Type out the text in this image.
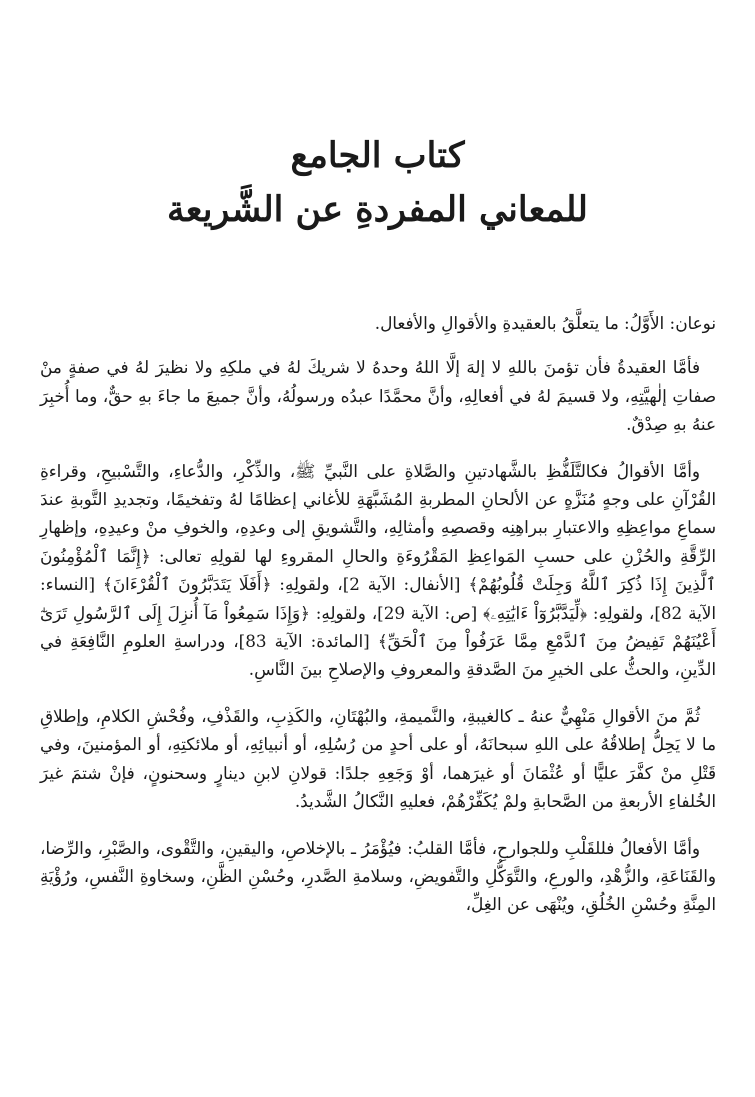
كتاب الجامع
للمعاني المفردةِ عن الشَّريعة

نوعان: الأَوَّلُ: ما يتعلَّقُ بالعقيدةِ والأقوالِ والأفعال.

فأمَّا العقيدةُ فأن تؤمنَ باللهِ لا إلهَ إلَّا اللهُ وحدهُ لا شريكَ لهُ في ملكِهِ ولا نظيرَ لهُ في صفةٍ منْ صفاتِ إلٰهيَّتِهِ، ولا قسيمَ لهُ في أفعالِهِ، وأنَّ محمَّدًا عبدُه ورسولُهُ، وأنَّ جميعَ ما جاءَ بهِ حقٌّ، وما أُخبِرَ عنهُ بهِ صِدْقٌ.

وأمَّا الأقوالُ فكالتَّلَفُّظِ بالشَّهادتينِ والصَّلاةِ على النَّبيِّ ﷺ، والذِّكْرِ، والدُّعاءِ، والتَّسْبيحِ، وقراءةِ القُرْآنِ على وجهٍ مُنَزَّهٍ عن الألحانِ المطربةِ المُشَبَّهَةِ للأغاني إعظامًا لهُ وتفخيمًا، وتجديدِ التَّوبةِ عندَ سماعِ مواعِظِهِ والاعتبارِ ببراهِنِه وقصصِهِ وأمثالِهِ، والتَّشويقِ إلى وعدِهِ، والخوفِ منْ وعيدِهِ، وإظهارِ الرِّقَّةِ والحُزْنِ على حسبِ المَواعِظِ المَقْرُوءَةِ والحالِ المقروءِ لها لقولِهِ تعالى: ﴿إِنَّمَا ٱلْمُؤْمِنُونَ ٱلَّذِينَ إِذَا ذُكِرَ ٱللَّهُ وَجِلَتْ قُلُوبُهُمْ﴾ [الأنفال: الآية 2]، ولقولِهِ: ﴿أَفَلَا يَتَدَبَّرُونَ ٱلْقُرْءَانَ﴾ [النساء: الآية 82]، ولقولِهِ: ﴿لِّيَدَّبَّرُوٓاْ ءَايَٰتِهِۦ﴾ [ص: الآية 29]، ولقولِهِ: ﴿وَإِذَا سَمِعُواْ مَآ أُنزِلَ إِلَى ٱلرَّسُولِ تَرَىٰٓ أَعْيُنَهُمْ تَفِيضُ مِنَ ٱلدَّمْعِ مِمَّا عَرَفُواْ مِنَ ٱلْحَقِّ﴾ [المائدة: الآية 83]، ودراسةِ العلومِ النَّافِعَةِ في الدِّينِ، والحثُّ على الخيرِ منَ الصَّدقةِ والمعروفِ والإصلاحِ بينَ النَّاسِ.

ثُمَّ منَ الأقوالِ مَنْهِيٌّ عنهُ ـ كالغيبةِ، والنَّميمةِ، والبُهْتَانِ، والكَذِبِ، والقَذْفِ، وفُحْشِ الكلامِ، وإطلاقِ ما لا يَحِلُّ إطلاقُهُ على اللهِ سبحانَهُ، أو على أحدٍ من رُسُلِهِ، أو أنبيائِهِ، أو ملائكتِهِ، أو المؤمنينَ، وفي قَتْلِ منْ كفَّرَ عليًّا أو عُثْمَانَ أو غيرَهما، أوْ وَجَعِهِ جلدًا: قولانِ لابنِ دينارٍ وسحنونٍ، فإنْ شتمَ غيرَ الخُلفاءِ الأربعةِ من الصَّحابةِ ولمْ يُكَفِّرْهُمْ، فعليهِ النَّكالُ الشَّديدُ.

وأمَّا الأفعالُ فللقَلْبِ وللجوارحِ، فأمَّا القلبُ: فيُؤْمَرُ ـ بالإخلاصِ، واليقينِ، والتَّقْوى، والصَّبْرِ، والرِّضا، والقَنَاعَةِ، والزُّهْدِ، والورعِ، والتَّوَكُّلِ والتَّفويضِ، وسلامةِ الصَّدرِ، وحُسْنِ الظَّنِ، وسخاوةِ النَّفسِ، ورُؤْيَةِ المِنَّةِ وحُسْنِ الخُلُقِ، ويُنْهَى عن الغِلِّ،
